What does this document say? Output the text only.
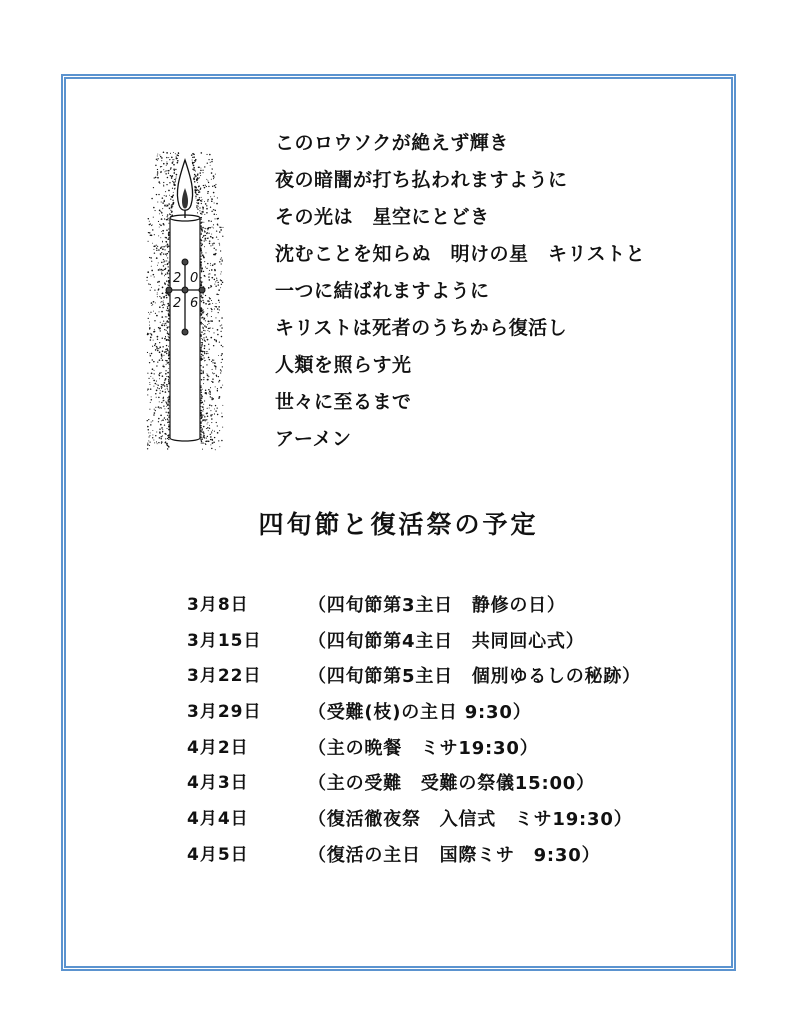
2 0
2 6
このロウソクが絶えず輝き
夜の暗闇が打ち払われますように
その光は　星空にとどき
沈むことを知らぬ　明けの星　キリストと
一つに結ばれますように
キリストは死者のうちから復活し
人類を照らす光
世々に至るまで
アーメン
四旬節と復活祭の予定
3月8日	（四旬節第3主日　静修の日）
3月15日	（四旬節第4主日　共同回心式）
3月22日	（四旬節第5主日　個別ゆるしの秘跡）
3月29日	（受難(枝)の主日 9:30）
4月2日	（主の晩餐　ミサ19:30）
4月3日	（主の受難　受難の祭儀15:00）
4月4日	（復活徹夜祭　入信式　ミサ19:30）
4月5日	（復活の主日　国際ミサ　9:30）
